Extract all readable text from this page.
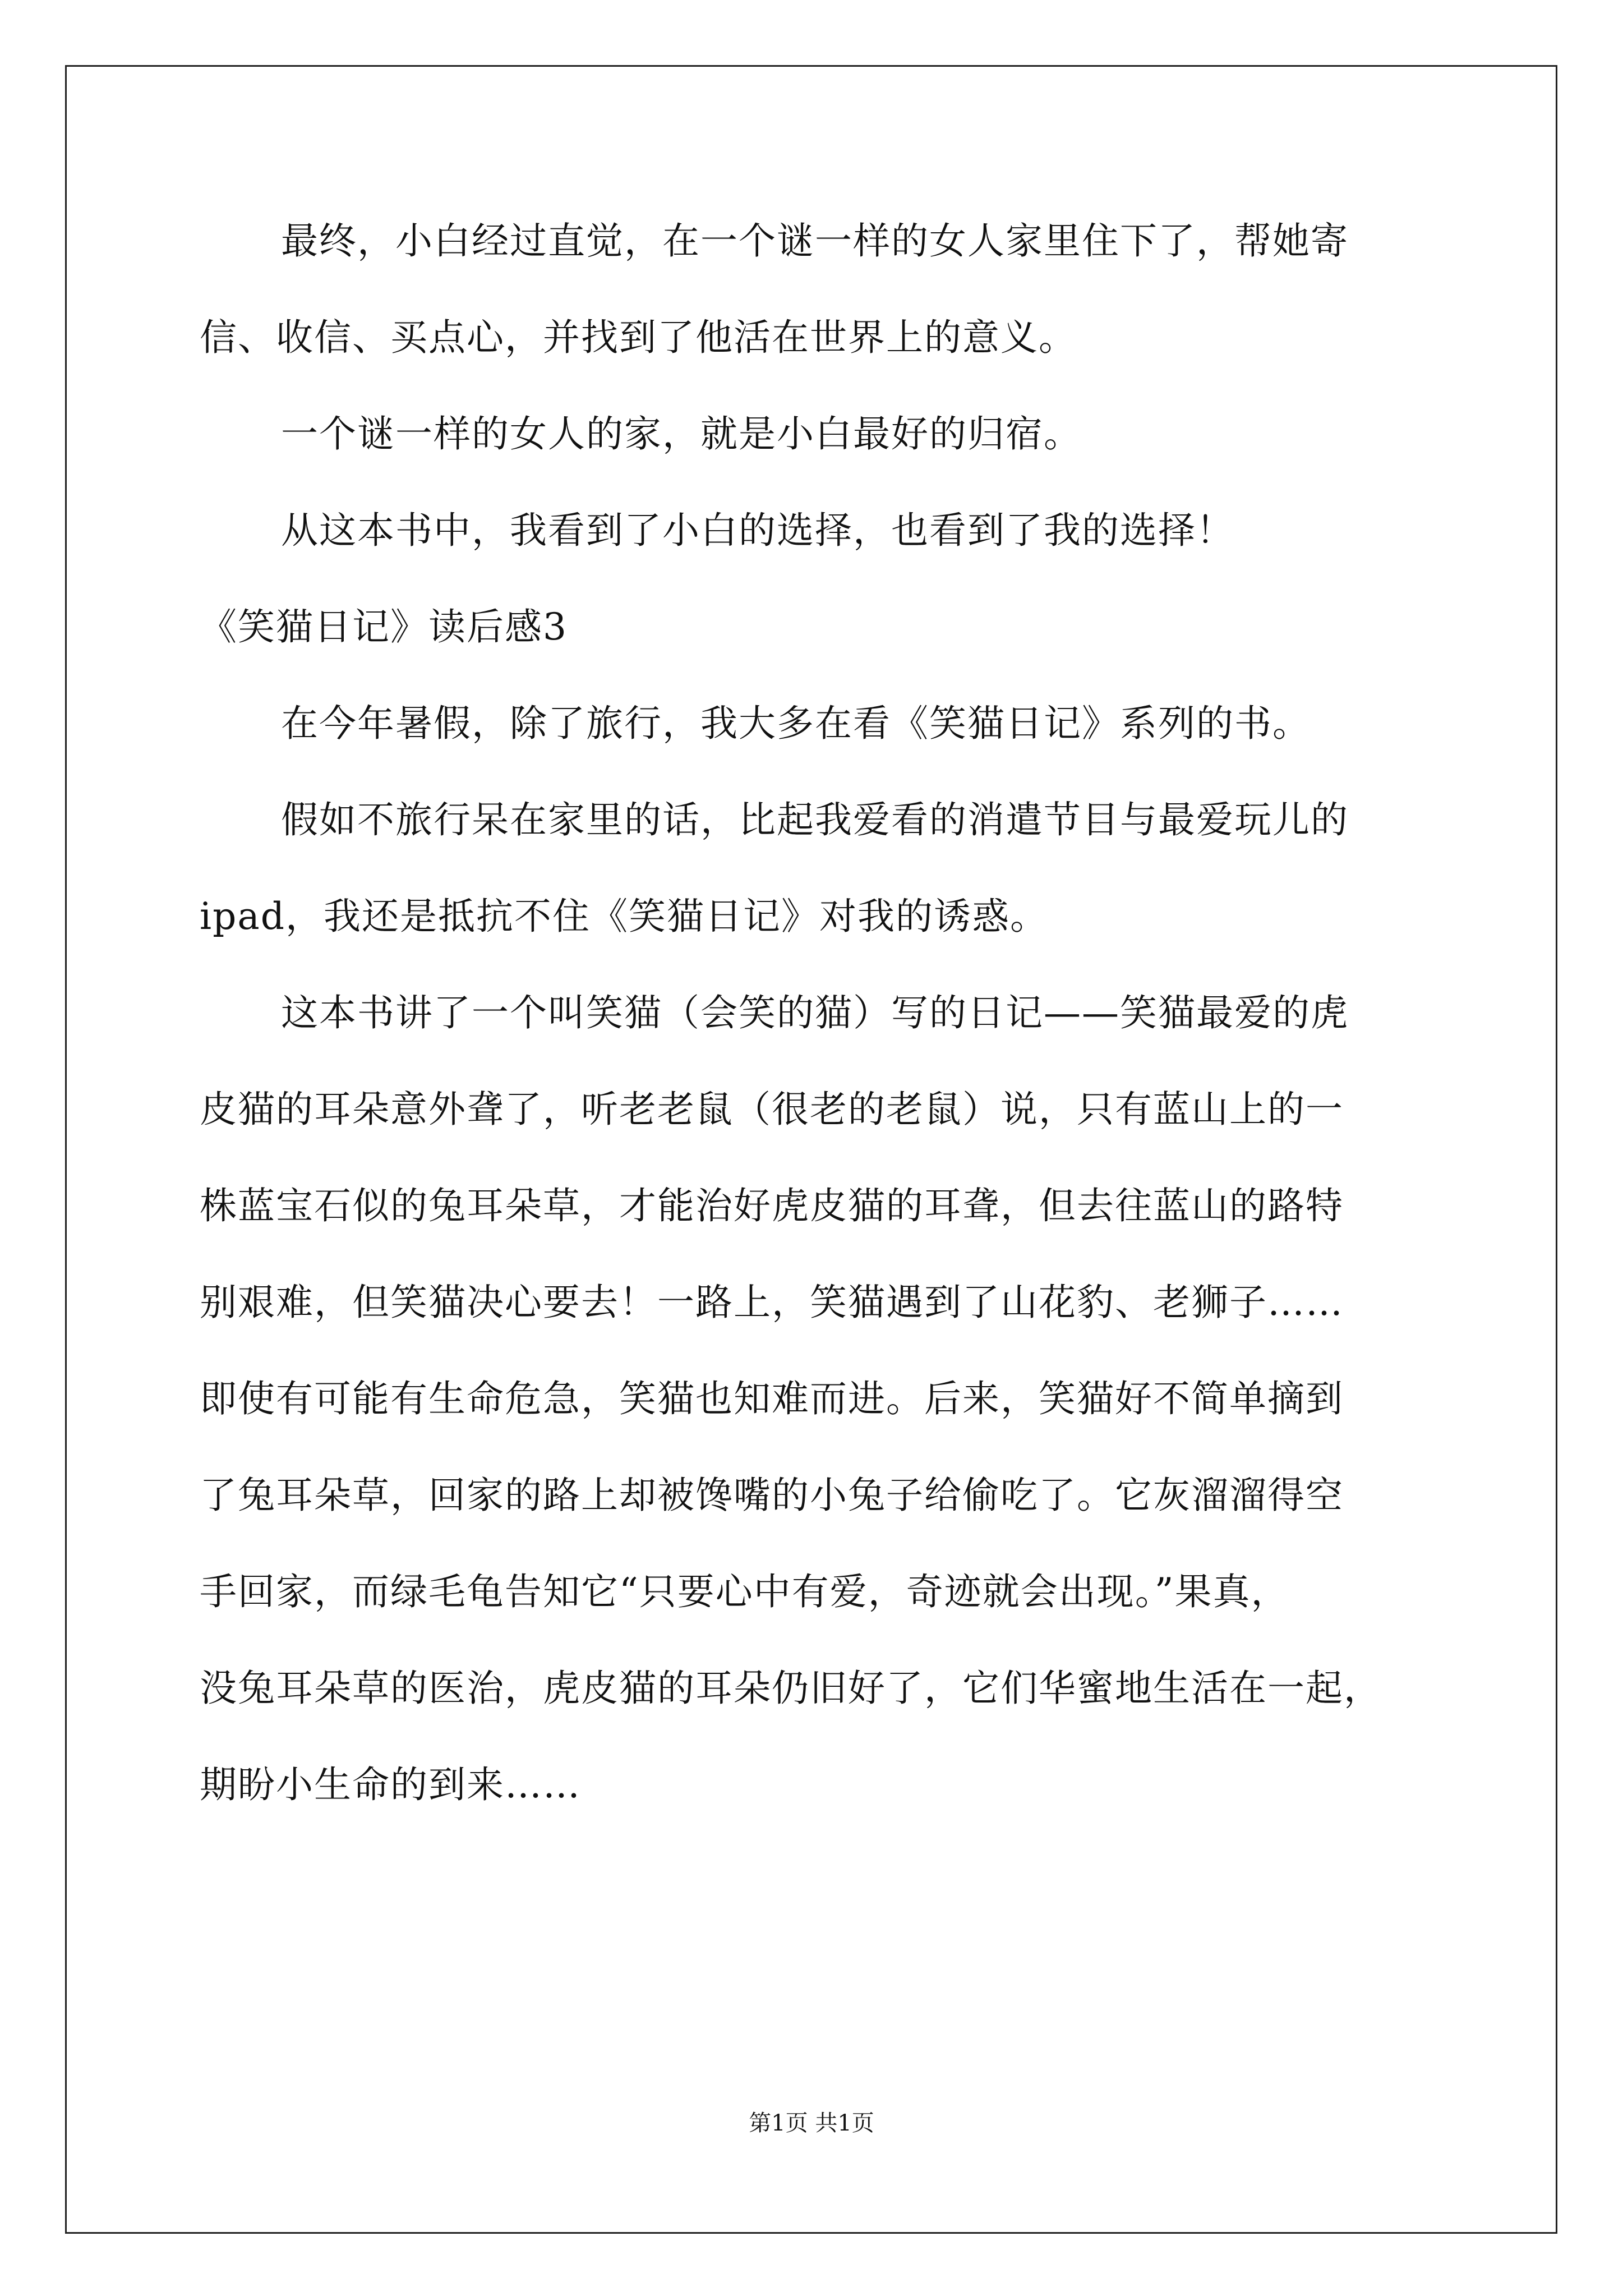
最终，小白经过直觉，在一个谜一样的女人家里住下了，帮她寄
信、收信、买点心，并找到了他活在世界上的意义。
一个谜一样的女人的家，就是小白最好的归宿。
从这本书中，我看到了小白的选择，也看到了我的选择！
《笑猫日记》读后感3
在今年暑假，除了旅行，我大多在看《笑猫日记》系列的书。
假如不旅行呆在家里的话，比起我爱看的消遣节目与最爱玩儿的
ipad，我还是抵抗不住《笑猫日记》对我的诱惑。
这本书讲了一个叫笑猫（会笑的猫）写的日记——笑猫最爱的虎
皮猫的耳朵意外聋了，听老老鼠（很老的老鼠）说，只有蓝山上的一
株蓝宝石似的兔耳朵草，才能治好虎皮猫的耳聋，但去往蓝山的路特
别艰难，但笑猫决心要去！一路上，笑猫遇到了山花豹、老狮子……
即使有可能有生命危急，笑猫也知难而进。后来，笑猫好不简单摘到
了兔耳朵草，回家的路上却被馋嘴的小兔子给偷吃了。它灰溜溜得空
手回家，而绿毛龟告知它“只要心中有爱，奇迹就会出现。”果真，
没兔耳朵草的医治，虎皮猫的耳朵仍旧好了，它们华蜜地生活在一起，
期盼小生命的到来……
第1页 共1页
